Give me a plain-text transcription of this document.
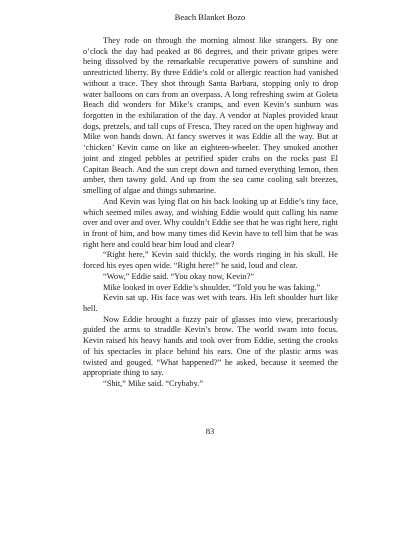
Beach Blanket Bozo

They rode on through the morning almost like strangers. By one o’clock the day had peaked at 86 degrees, and their private gripes were being dissolved by the remarkable recuperative powers of sunshine and unrestricted liberty. By three Eddie’s cold or allergic reaction had vanished without a trace. They shot through Santa Barbara, stopping only to drop water balloons on cars from an overpass. A long refreshing swim at Goleta Beach did wonders for Mike’s cramps, and even Kevin’s sunburn was forgotten in the exhilaration of the day. A vendor at Naples provided kraut dogs, pretzels, and tall cups of Fresca. They raced on the open highway and Mike won hands down. At fancy swerves it was Eddie all the way. But at ‘chicken’ Kevin came on like an eighteen-wheeler. They smoked another joint and zinged pebbles at petrified spider crabs on the rocks past El Capitan Beach. And the sun crept down and turned everything lemon, then amber, then tawny gold. And up from the sea came cooling salt breezes, smelling of algae and things submarine.

And Kevin was lying flat on his back looking up at Eddie’s tiny face, which seemed miles away, and wishing Eddie would quit calling his name over and over and over. Why couldn’t Eddie see that he was right here, right in front of him, and how many times did Kevin have to tell him that he was right here and could hear him loud and clear?

“Right here,” Kevin said thickly, the words ringing in his skull. He forced his eyes open wide. “Right here!” he said, loud and clear.

“Wow,” Eddie said. “You okay now, Kevin?”

Mike looked in over Eddie’s shoulder. “Told you he was faking.”

Kevin sat up. His face was wet with tears. His left shoulder hurt like hell.

Now Eddie brought a fuzzy pair of glasses into view, precariously guided the arms to straddle Kevin’s brow. The world swam into focus. Kevin raised his heavy hands and took over from Eddie, setting the crooks of his spectacles in place behind his ears. One of the plastic arms was twisted and gouged. “What happened?” he asked, because it seemed the appropriate thing to say.

“Shit,” Mike said. “Crybaby.”

83
